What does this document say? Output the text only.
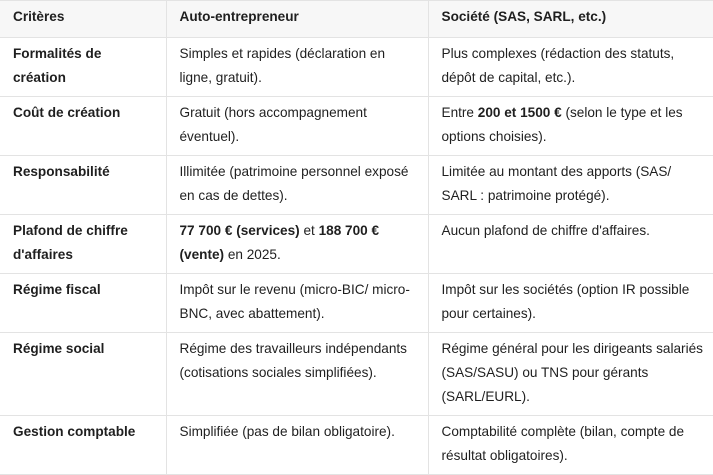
Critères	Auto-entrepreneur	Société (SAS, SARL, etc.)
Formalités de création	Simples et rapides (déclaration en ligne, gratuit).	Plus complexes (rédaction des statuts, dépôt de capital, etc.).
Coût de création	Gratuit (hors accompagnement éventuel).	Entre 200 et 1500 € (selon le type et les options choisies).
Responsabilité	Illimitée (patrimoine personnel exposé en cas de dettes).	Limitée au montant des apports (SAS/ SARL : patrimoine protégé).
Plafond de chiffre d'affaires	77 700 € (services) et 188 700 € (vente) en 2025.	Aucun plafond de chiffre d'affaires.
Régime fiscal	Impôt sur le revenu (micro-BIC/ micro-BNC, avec abattement).	Impôt sur les sociétés (option IR possible pour certaines).
Régime social	Régime des travailleurs indépendants (cotisations sociales simplifiées).	Régime général pour les dirigeants salariés (SAS/SASU) ou TNS pour gérants (SARL/EURL).
Gestion comptable	Simplifiée (pas de bilan obligatoire).	Comptabilité complète (bilan, compte de résultat obligatoires).
